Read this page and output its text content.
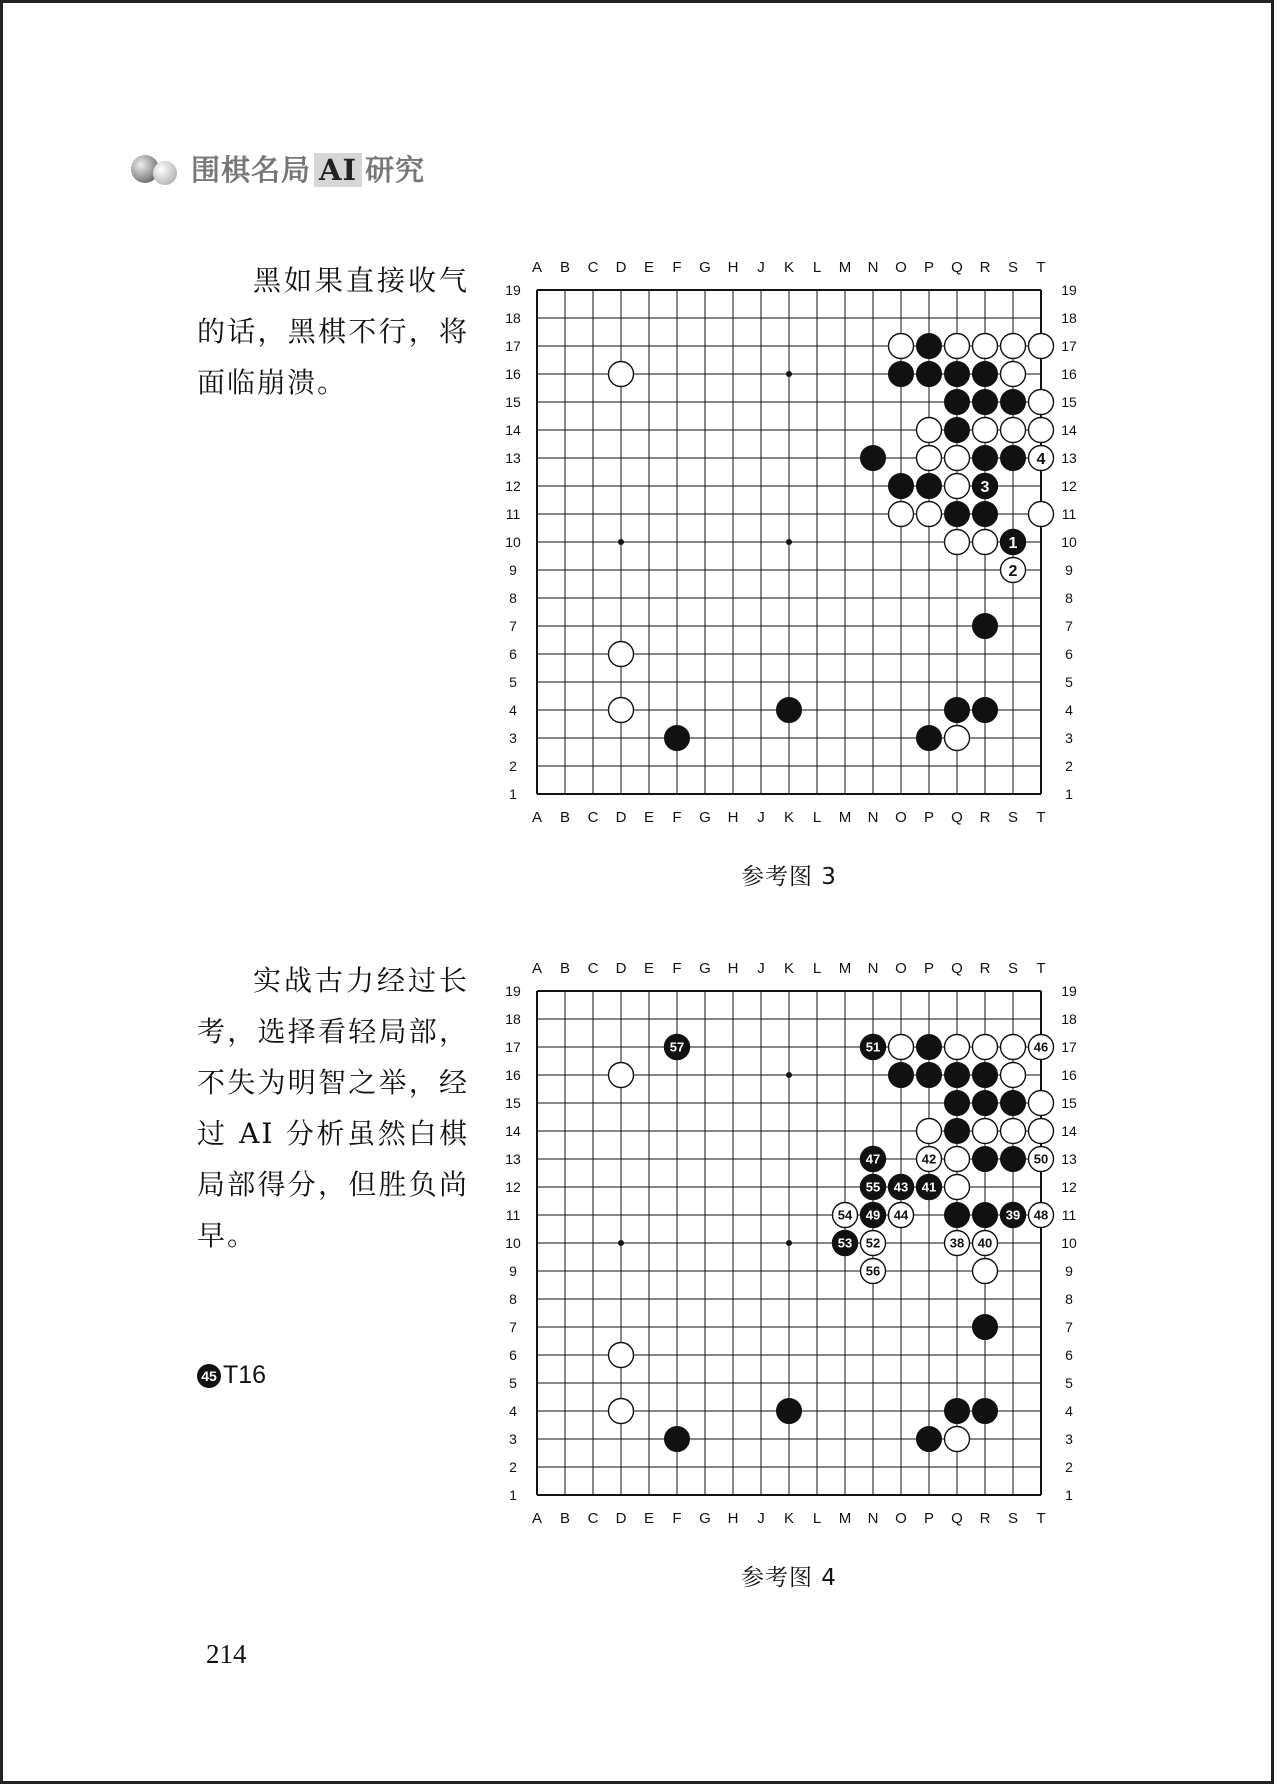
围棋名局 AI 研究
黑如果直接收气的话，黑棋不行，将面临崩溃。
A
A
B
B
C
C
D
D
E
E
F
F
G
G
H
H
J
J
K
K
L
L
M
M
N
N
O
O
P
P
Q
Q
R
R
S
S
T
T
19	19
18	18
17	17
16	16
15	15
14	14
13	13
12	12
11	11
10	10
9	9
8	8
7	7
6	6
5	5
4	4
3	3
2	2
1	1
1
2
3
4
参考图 3
实战古力经过长考，选择看轻局部，不失为明智之举，经过 AI 分析虽然白棋局部得分，但胜负尚早。
A
A
B
B
C
C
D
D
E
E
F
F
G
G
H
H
J
J
K
K
L
L
M
M
N
N
O
O
P
P
Q
Q
R
R
S
S
T
T
19	19
18	18
17	17
16	16
15	15
14	14
13	13
12	12
11	11
10	10
9	9
8	8
7	7
6	6
5	5
4	4
3	3
2	2
1	1
38
39
40
41
42
43
44
46
47
48
49
50
51
52
53
54
55
56
57
参考图 4
45 T16
214
